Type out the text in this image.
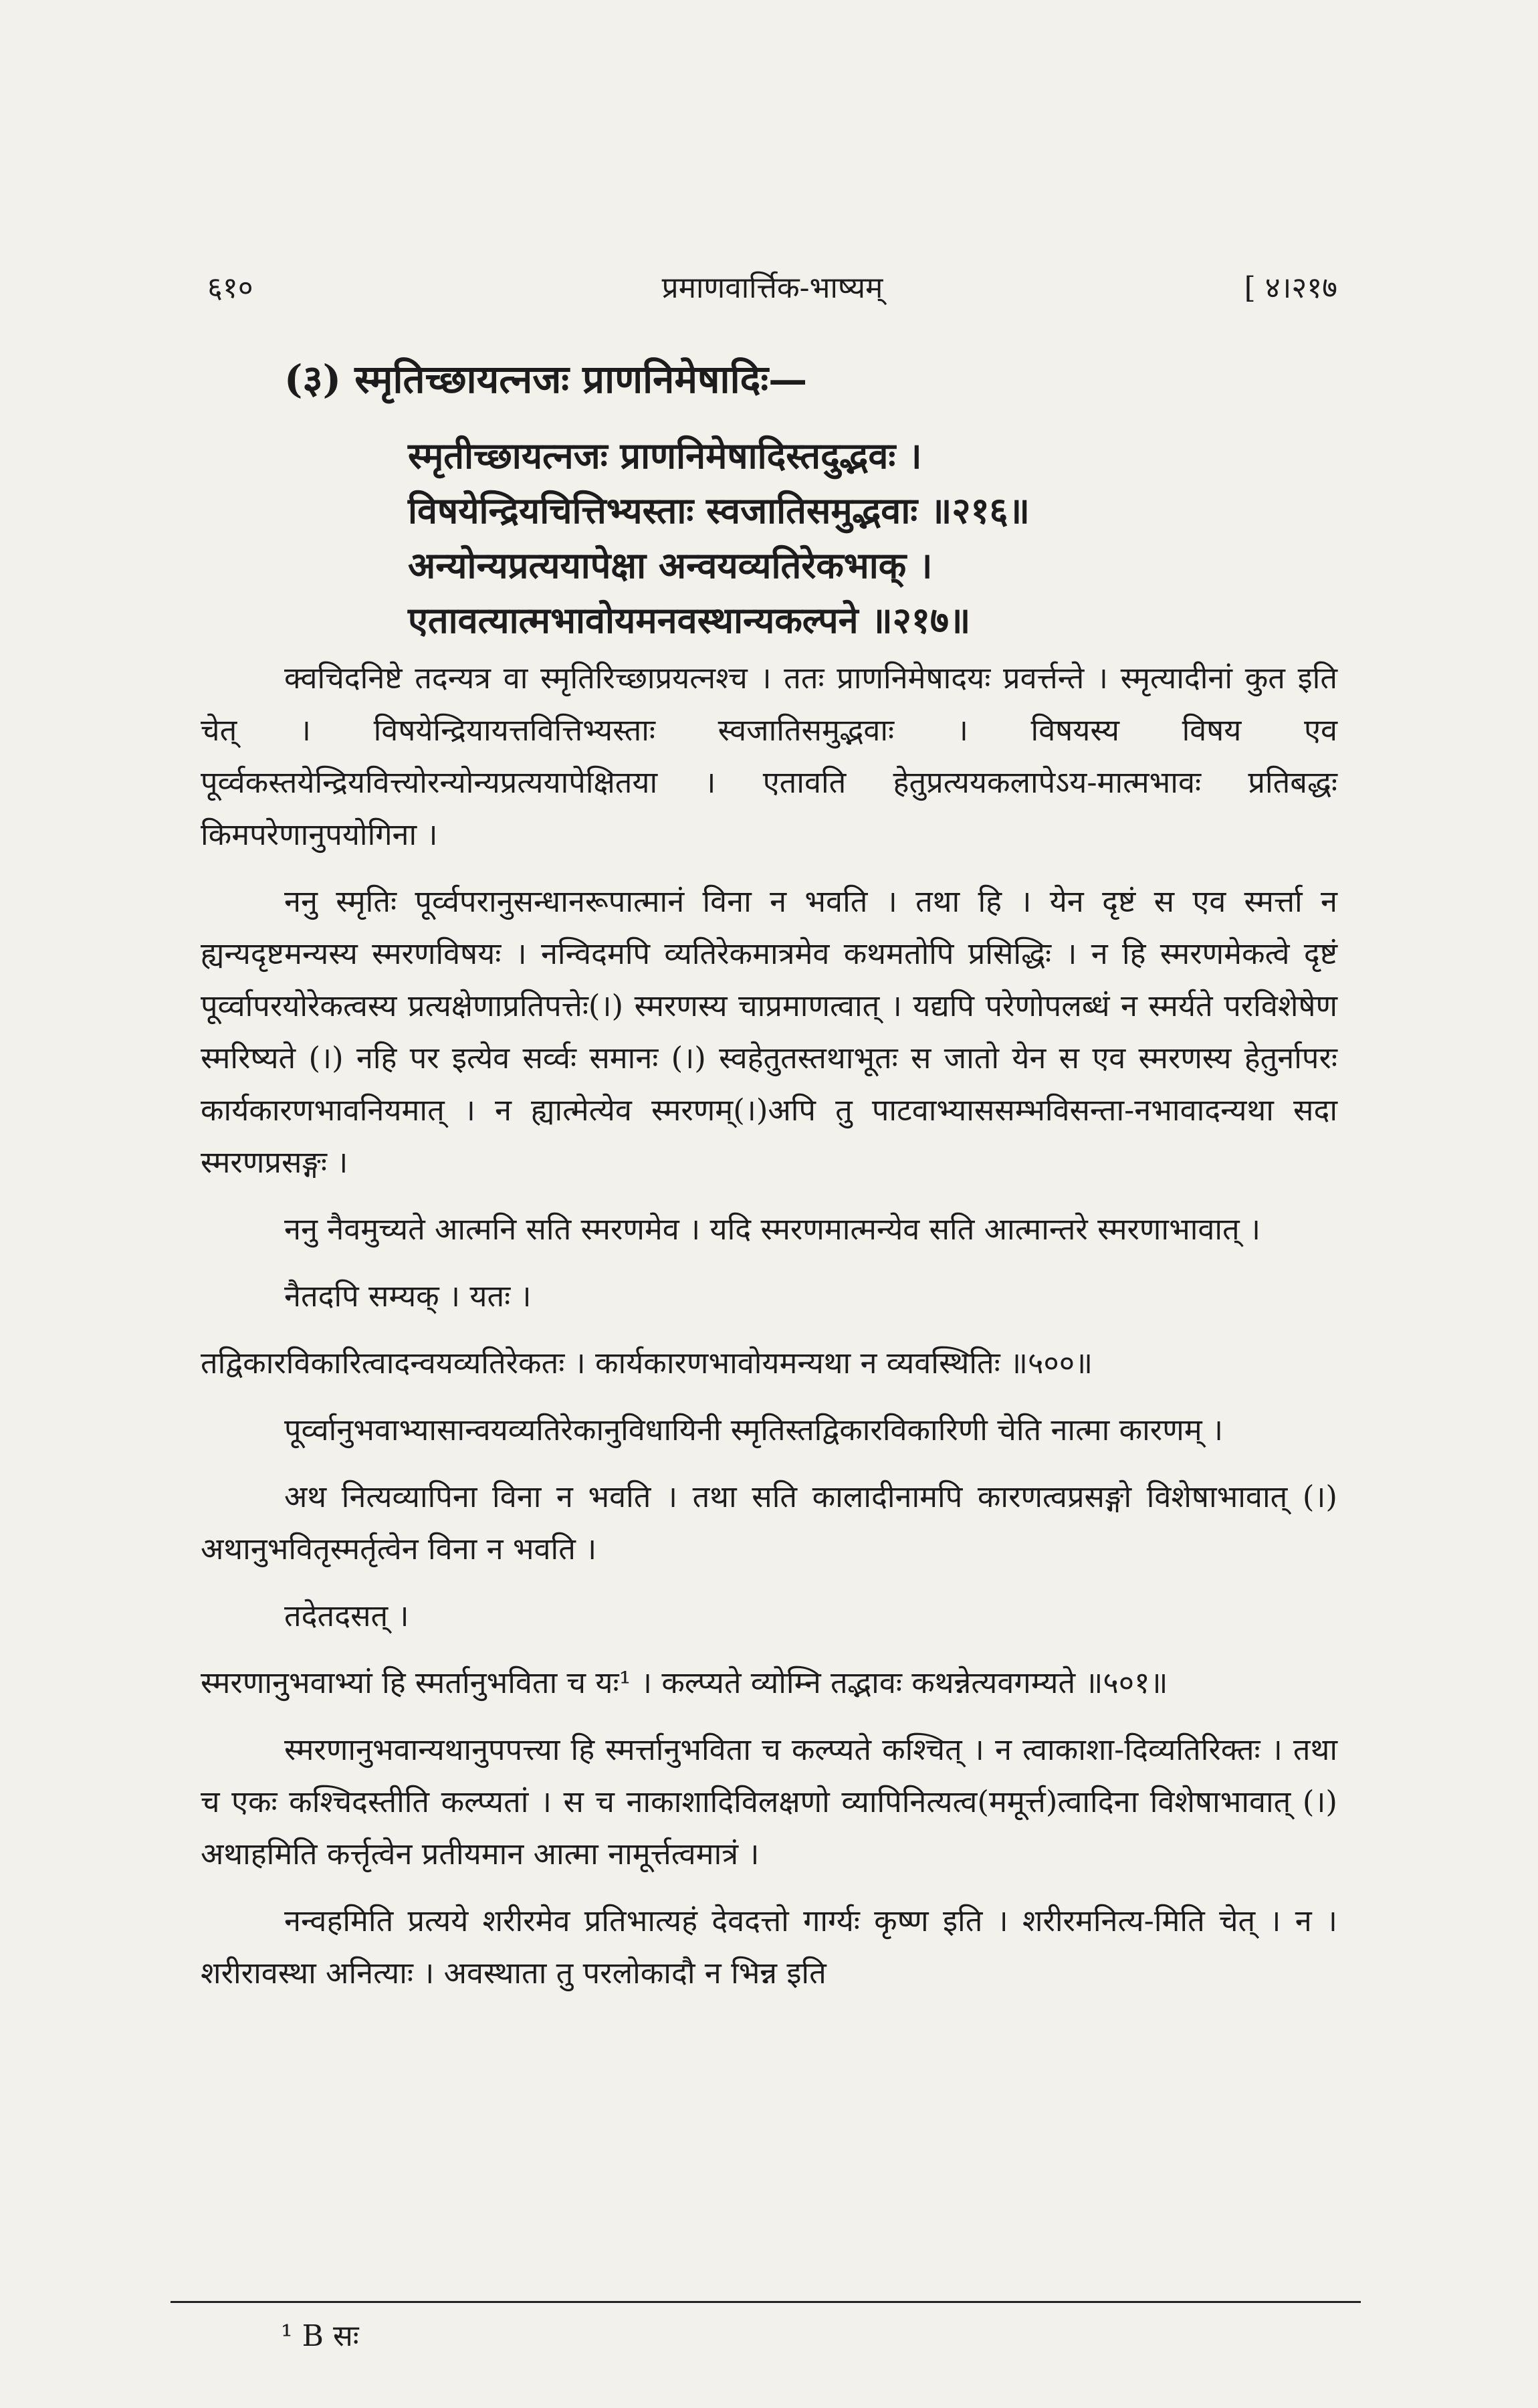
६१०	प्रमाणवार्त्तिक-भाष्यम्	[ ४।२१७
(३) स्मृतिच्छायत्नजः प्राणनिमेषादिः—
स्मृतीच्छायत्नजः प्राणनिमेषादिस्तदुद्भवः ।
विषयेन्द्रियचित्तिभ्यस्ताः स्वजातिसमुद्भवाः ॥२१६॥
अन्योन्यप्रत्ययापेक्षा अन्वयव्यतिरेकभाक् ।
एतावत्यात्मभावोयमनवस्थान्यकल्पने ॥२१७॥

क्वचिदनिष्टे तदन्यत्र वा स्मृतिरिच्छाप्रयत्नश्च । ततः प्राणनिमेषादयः प्रवर्त्तन्ते । स्मृत्यादीनां कुत इति चेत् । विषयेन्द्रियायत्तवित्तिभ्यस्ताः स्वजातिसमुद्भवाः । विषयस्य विषय एव पूर्व्वकस्तयेन्द्रियवित्त्योरन्योन्यप्रत्ययापेक्षितया । एतावति हेतुप्रत्ययकलापेऽय-मात्मभावः प्रतिबद्धः किमपरेणानुपयोगिना ।

ननु स्मृतिः पूर्व्वपरानुसन्धानरूपात्मानं विना न भवति । तथा हि । येन दृष्टं स एव स्मर्त्ता न ह्यन्यदृष्टमन्यस्य स्मरणविषयः । नन्विदमपि व्यतिरेकमात्रमेव कथमतोपि प्रसिद्धिः । न हि स्मरणमेकत्वे दृष्टं पूर्व्वापरयोरेकत्वस्य प्रत्यक्षेणाप्रतिपत्तेः(।) स्मरणस्य चाप्रमाणत्वात् । यद्यपि परेणोपलब्धं न स्मर्यते परविशेषेण स्मरिष्यते (।) नहि पर इत्येव सर्व्वः समानः (।) स्वहेतुतस्तथाभूतः स जातो येन स एव स्मरणस्य हेतुर्नापरः कार्यकारणभावनियमात् । न ह्यात्मेत्येव स्मरणम्(।)अपि तु पाटवाभ्याससम्भविसन्ता-नभावादन्यथा सदा स्मरणप्रसङ्गः ।

ननु नैवमुच्यते आत्मनि सति स्मरणमेव । यदि स्मरणमात्मन्येव सति आत्मान्तरे स्मरणाभावात् ।

नैतदपि सम्यक् । यतः ।

तद्विकारविकारित्वादन्वयव्यतिरेकतः । कार्यकारणभावोयमन्यथा न व्यवस्थितिः ॥५००॥

पूर्व्वानुभवाभ्यासान्वयव्यतिरेकानुविधायिनी स्मृतिस्तद्विकारविकारिणी चेति नात्मा कारणम् ।

अथ नित्यव्यापिना विना न भवति । तथा सति कालादीनामपि कारणत्वप्रसङ्गो विशेषाभावात् (।) अथानुभवितृस्मर्तृत्वेन विना न भवति ।

तदेतदसत् ।

स्मरणानुभवाभ्यां हि स्मर्तानुभविता च यः¹ । कल्प्यते व्योम्नि तद्भावः कथन्नेत्यवगम्यते ॥५०१॥

स्मरणानुभवान्यथानुपपत्त्या हि स्मर्त्तानुभविता च कल्प्यते कश्चित् । न त्वाकाशा-दिव्यतिरिक्तः । तथा च एकः कश्चिदस्तीति कल्प्यतां । स च नाकाशादिविलक्षणो व्यापिनित्यत्व(ममूर्त्त)त्वादिना विशेषाभावात् (।) अथाहमिति कर्त्तृत्वेन प्रतीयमान आत्मा नामूर्त्तत्वमात्रं ।

नन्वहमिति प्रत्यये शरीरमेव प्रतिभात्यहं देवदत्तो गार्ग्यः कृष्ण इति । शरीरमनित्य-मिति चेत् । न । शरीरावस्था अनित्याः । अवस्थाता तु परलोकादौ न भिन्न इति

¹ B सः
